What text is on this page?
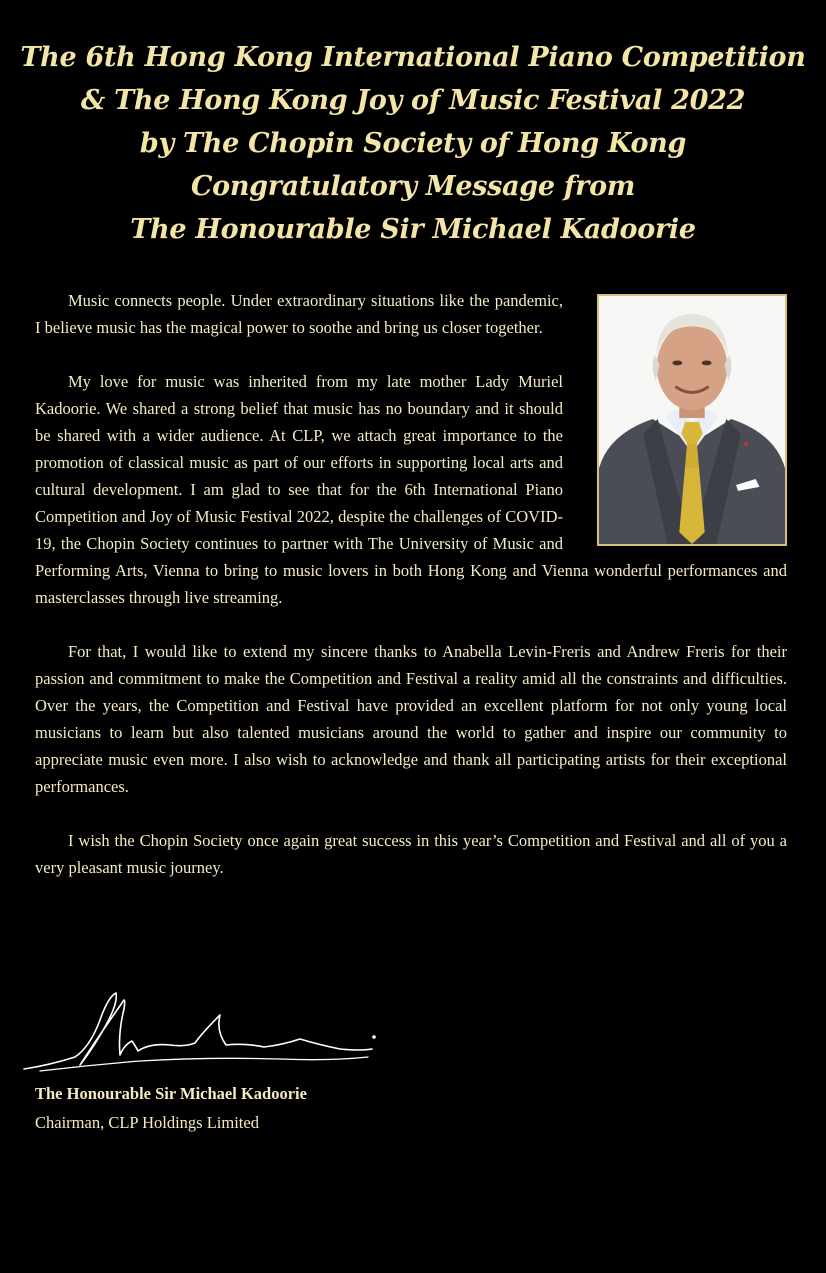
The 6th Hong Kong International Piano Competition
& The Hong Kong Joy of Music Festival 2022
by The Chopin Society of Hong Kong
Congratulatory Message from
The Honourable Sir Michael Kadoorie

Music connects people. Under extraordinary situations like the pandemic, I believe music has the magical power to soothe and bring us closer together.

My love for music was inherited from my late mother Lady Muriel Kadoorie. We shared a strong belief that music has no boundary and it should be shared with a wider audience. At CLP, we attach great importance to the promotion of classical music as part of our efforts in supporting local arts and cultural development. I am glad to see that for the 6th International Piano Competition and Joy of Music Festival 2022, despite the challenges of COVID-19, the Chopin Society continues to partner with The University of Music and Performing Arts, Vienna to bring to music lovers in both Hong Kong and Vienna wonderful performances and masterclasses through live streaming.

For that, I would like to extend my sincere thanks to Anabella Levin-Freris and Andrew Freris for their passion and commitment to make the Competition and Festival a reality amid all the constraints and difficulties. Over the years, the Competition and Festival have provided an excellent platform for not only young local musicians to learn but also talented musicians around the world to gather and inspire our community to appreciate music even more. I also wish to acknowledge and thank all participating artists for their exceptional performances.

I wish the Chopin Society once again great success in this year’s Competition and Festival and all of you a very pleasant music journey.

The Honourable Sir Michael Kadoorie
Chairman, CLP Holdings Limited
